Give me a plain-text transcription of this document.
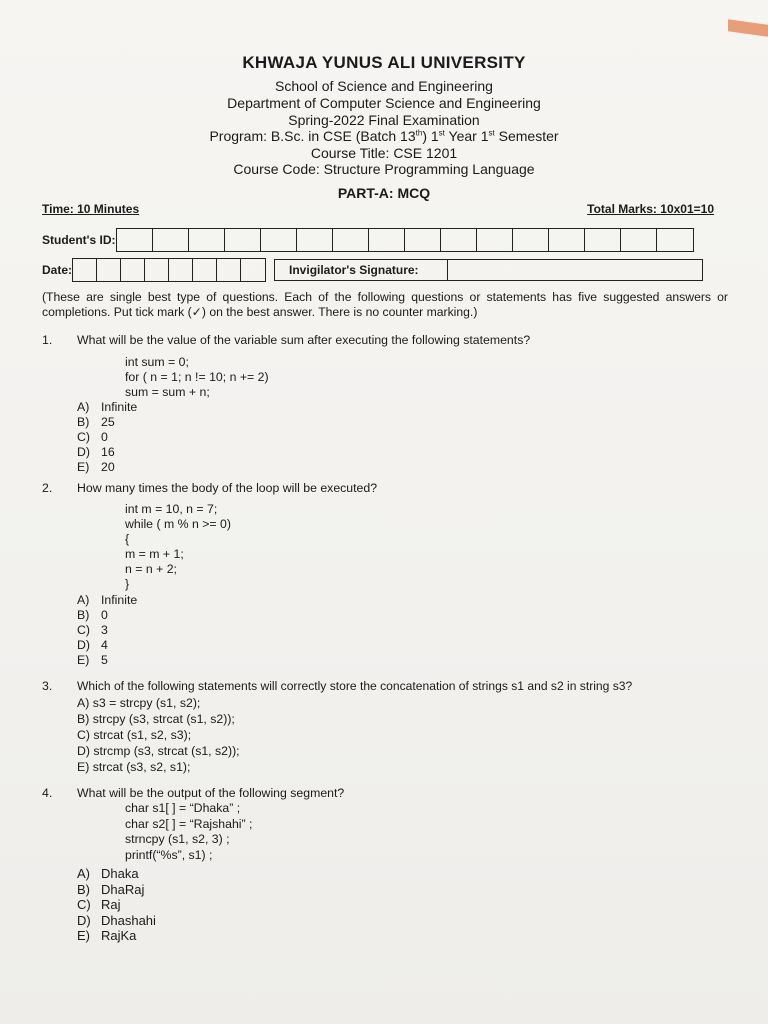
KHWAJA YUNUS ALI UNIVERSITY
School of Science and Engineering
Department of Computer Science and Engineering
Spring-2022 Final Examination
Program: B.Sc. in CSE (Batch 13th) 1st Year 1st Semester
Course Title: CSE 1201
Course Code: Structure Programming Language
PART-A: MCQ
Time: 10 Minutes	Total Marks: 10x01=10
Student's ID:
Date:	Invigilator's Signature:
(These are single best type of questions. Each of the following questions or statements has five suggested answers or completions. Put tick mark (✓) on the best answer. There is no counter marking.)
1. What will be the value of the variable sum after executing the following statements?
int sum = 0;
for ( n = 1; n != 10; n += 2)
sum = sum + n;
A) Infinite
B) 25
C) 0
D) 16
E) 20
2. How many times the body of the loop will be executed?
int m = 10, n = 7;
while ( m % n >= 0)
{
m = m + 1;
n = n + 2;
}
A) Infinite
B) 0
C) 3
D) 4
E) 5
3. Which of the following statements will correctly store the concatenation of strings s1 and s2 in string s3?
A) s3 = strcpy (s1, s2);
B) strcpy (s3, strcat (s1, s2));
C) strcat (s1, s2, s3);
D) strcmp (s3, strcat (s1, s2));
E) strcat (s3, s2, s1);
4. What will be the output of the following segment?
char s1[ ] = “Dhaka” ;
char s2[ ] = “Rajshahi” ;
strncpy (s1, s2, 3) ;
printf(“%s”, s1) ;
A) Dhaka
B) DhaRaj
C) Raj
D) Dhashahi
E) RajKa
